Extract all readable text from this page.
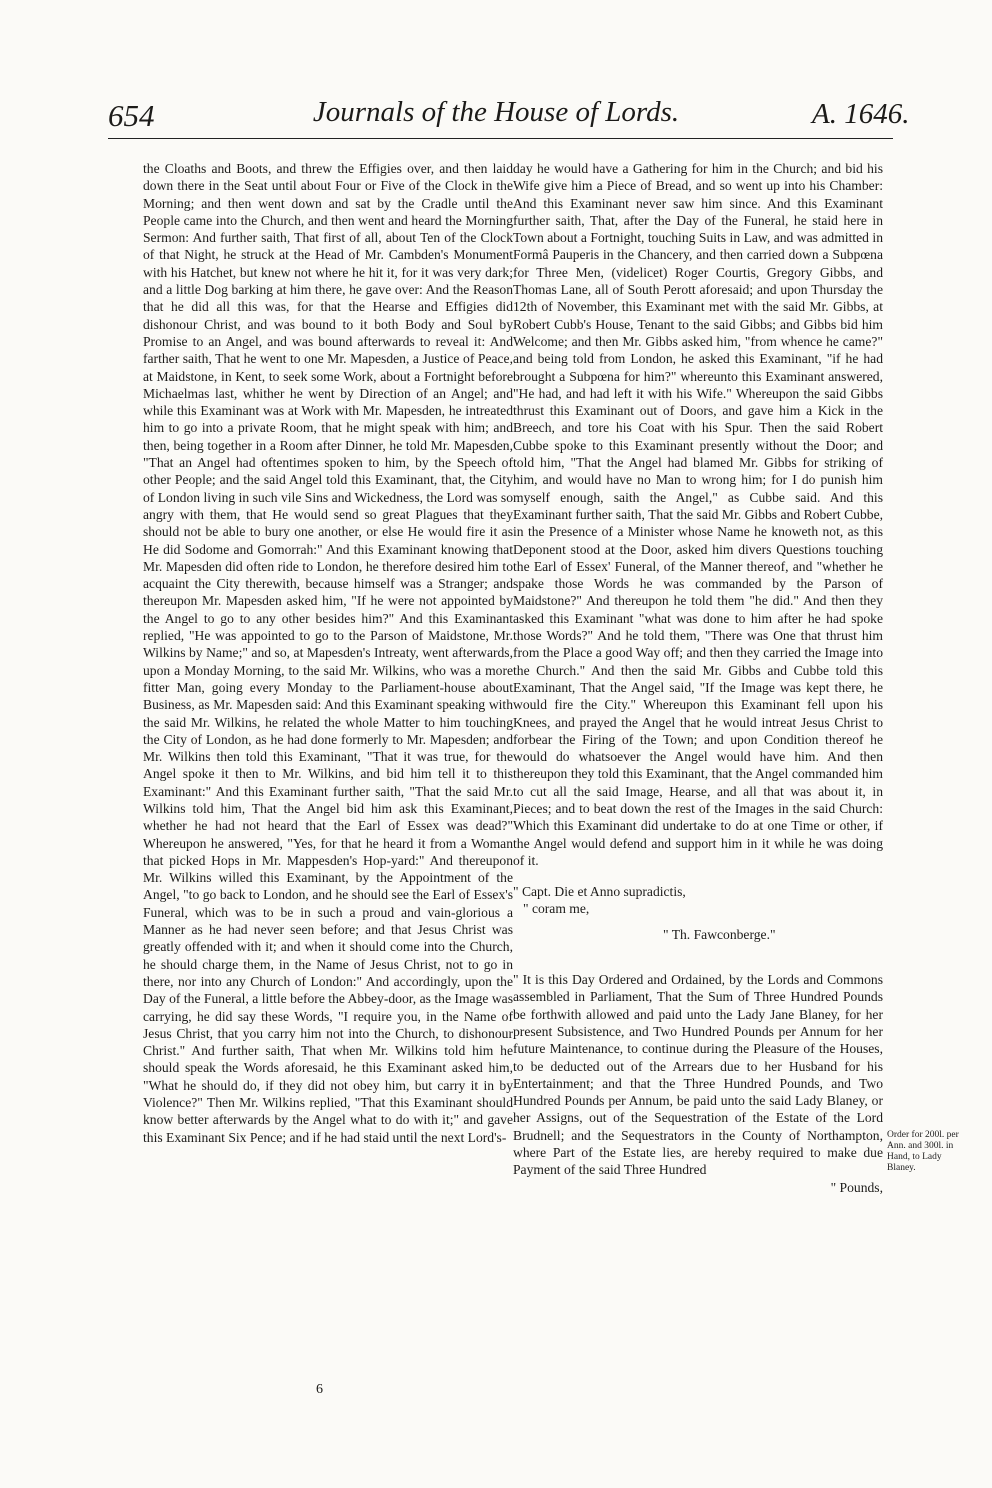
654	Journals of the House of Lords.	A. 1646.

the Cloaths and Boots, and threw the Effigies over, and then laid down there in the Seat until about Four or Five of the Clock in the Morning; and then went down and sat by the Cradle until the People came into the Church, and then went and heard the Morning Sermon: And further saith, That first of all, about Ten of the Clock of that Night, he struck at the Head of Mr. Cambden's Monument with his Hatchet, but knew not where he hit it, for it was very dark; and a little Dog barking at him there, he gave over: And the Reason that he did all this was, for that the Hearse and Effigies did dishonour Christ, and was bound to it both Body and Soul by Promise to an Angel, and was bound afterwards to reveal it: And farther saith, That he went to one Mr. Mapesden, a Justice of Peace, at Maidstone, in Kent, to seek some Work, about a Fortnight before Michaelmas last, whither he went by Direction of an Angel; and while this Examinant was at Work with Mr. Mapesden, he intreated him to go into a private Room, that he might speak with him; and then, being together in a Room after Dinner, he told Mr. Mapesden, "That an Angel had oftentimes spoken to him, by the Speech of other People; and the said Angel told this Examinant, that, the City of London living in such vile Sins and Wickedness, the Lord was so angry with them, that He would send so great Plagues that they should not be able to bury one another, or else He would fire it as He did Sodome and Gomorrah:" And this Examinant knowing that Mr. Mapesden did often ride to London, he therefore desired him to acquaint the City therewith, because himself was a Stranger; and thereupon Mr. Mapesden asked him, "If he were not appointed by the Angel to go to any other besides him?" And this Examinant replied, "He was appointed to go to the Parson of Maidstone, Mr. Wilkins by Name;" and so, at Mapesden's Intreaty, went afterwards, upon a Monday Morning, to the said Mr. Wilkins, who was a more fitter Man, going every Monday to the Parliament-house about Business, as Mr. Mapesden said: And this Examinant speaking with the said Mr. Wilkins, he related the whole Matter to him touching the City of London, as he had done formerly to Mr. Mapesden; and Mr. Wilkins then told this Examinant, "That it was true, for the Angel spoke it then to Mr. Wilkins, and bid him tell it to this Examinant:" And this Examinant further saith, "That the said Mr. Wilkins told him, That the Angel bid him ask this Examinant, whether he had not heard that the Earl of Essex was dead?" Whereupon he answered, "Yes, for that he heard it from a Woman that picked Hops in Mr. Mappesden's Hop-yard:" And thereupon Mr. Wilkins willed this Examinant, by the Appointment of the Angel, "to go back to London, and he should see the Earl of Essex's Funeral, which was to be in such a proud and vain-glorious a Manner as he had never seen before; and that Jesus Christ was greatly offended with it; and when it should come into the Church, he should charge them, in the Name of Jesus Christ, not to go in there, nor into any Church of London:" And accordingly, upon the Day of the Funeral, a little before the Abbey-door, as the Image was carrying, he did say these Words, "I require you, in the Name of Jesus Christ, that you carry him not into the Church, to dishonour Christ." And further saith, That when Mr. Wilkins told him he should speak the Words aforesaid, he this Examinant asked him, "What he should do, if they did not obey him, but carry it in by Violence?" Then Mr. Wilkins replied, "That this Examinant should know better afterwards by the Angel what to do with it;" and gave this Examinant Six Pence; and if he had staid until the next Lord's-

day he would have a Gathering for him in the Church; and bid his Wife give him a Piece of Bread, and so went up into his Chamber: And this Examinant never saw him since. And this Examinant further saith, That, after the Day of the Funeral, he staid here in Town about a Fortnight, touching Suits in Law, and was admitted in Formâ Pauperis in the Chancery, and then carried down a Subpœna for Three Men, (videlicet) Roger Courtis, Gregory Gibbs, and Thomas Lane, all of South Perott aforesaid; and upon Thursday the 12th of November, this Examinant met with the said Mr. Gibbs, at Robert Cubb's House, Tenant to the said Gibbs; and Gibbs bid him Welcome; and then Mr. Gibbs asked him, "from whence he came?" and being told from London, he asked this Examinant, "if he had brought a Subpœna for him?" whereunto this Examinant answered, "He had, and had left it with his Wife." Whereupon the said Gibbs thrust this Examinant out of Doors, and gave him a Kick in the Breech, and tore his Coat with his Spur. Then the said Robert Cubbe spoke to this Examinant presently without the Door; and told him, "That the Angel had blamed Mr. Gibbs for striking of him, and would have no Man to wrong him; for I do punish him myself enough, saith the Angel," as Cubbe said. And this Examinant further saith, That the said Mr. Gibbs and Robert Cubbe, in the Presence of a Minister whose Name he knoweth not, as this Deponent stood at the Door, asked him divers Questions touching the Earl of Essex' Funeral, of the Manner thereof, and "whether he spake those Words he was commanded by the Parson of Maidstone?" And thereupon he told them "he did." And then they asked this Examinant "what was done to him after he had spoke those Words?" And he told them, "There was One that thrust him from the Place a good Way off; and then they carried the Image into the Church." And then the said Mr. Gibbs and Cubbe told this Examinant, That the Angel said, "If the Image was kept there, he would fire the City." Whereupon this Examinant fell upon his Knees, and prayed the Angel that he would intreat Jesus Christ to forbear the Firing of the Town; and upon Condition thereof he would do whatsoever the Angel would have him. And then thereupon they told this Examinant, that the Angel commanded him to cut all the said Image, Hearse, and all that was about it, in Pieces; and to beat down the rest of the Images in the said Church: Which this Examinant did undertake to do at one Time or other, if the Angel would defend and support him in it while he was doing of it.

" Capt. Die et Anno supradictis,

" coram me,

" Th. Fawconberge."

" It is this Day Ordered and Ordained, by the Lords and Commons assembled in Parliament, That the Sum of Three Hundred Pounds be forthwith allowed and paid unto the Lady Jane Blaney, for her present Subsistence, and Two Hundred Pounds per Annum for her future Maintenance, to continue during the Pleasure of the Houses, to be deducted out of the Arrears due to her Husband for his Entertainment; and that the Three Hundred Pounds, and Two Hundred Pounds per Annum, be paid unto the said Lady Blaney, or her Assigns, out of the Sequestration of the Estate of the Lord Brudnell; and the Sequestrators in the County of Northampton, where Part of the Estate lies, are hereby required to make due Payment of the said Three Hundred

" Pounds,

Order for 200l. per Ann. and 300l. in Hand, to Lady Blaney.
6
